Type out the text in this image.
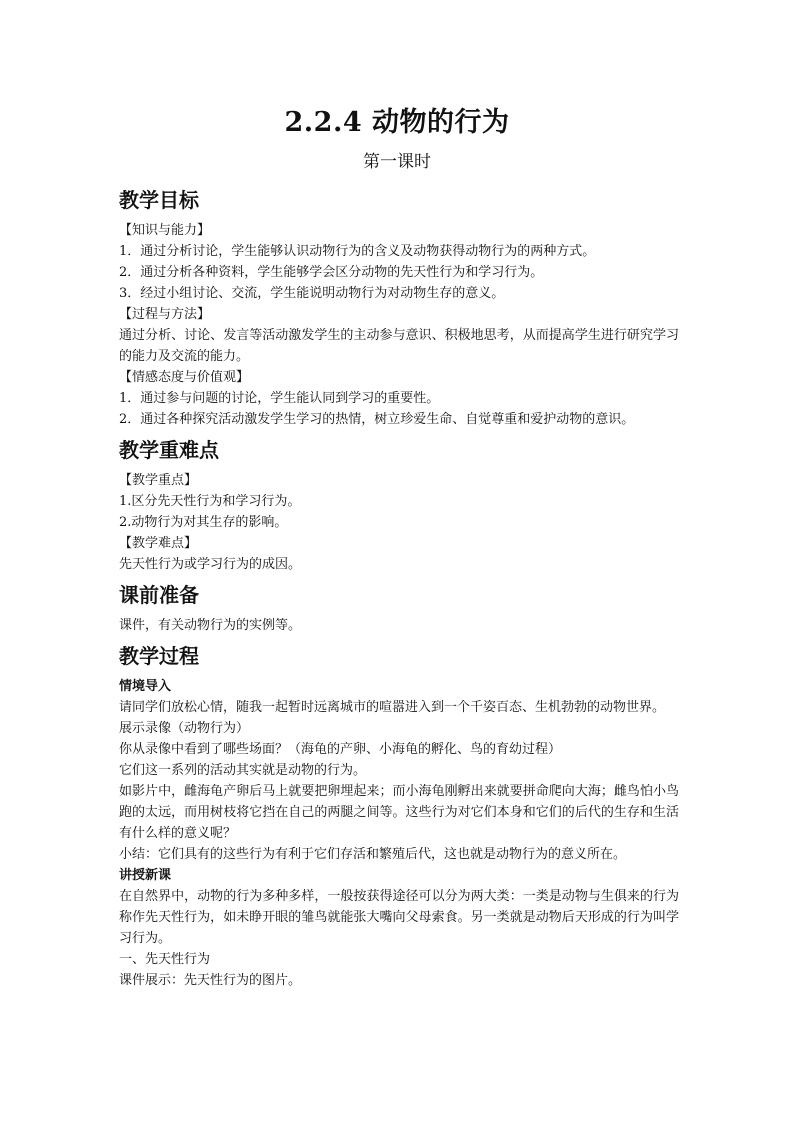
2.2.4 动物的行为

第一课时

教学目标

【知识与能力】

1．通过分析讨论，学生能够认识动物行为的含义及动物获得动物行为的两种方式。

2．通过分析各种资料，学生能够学会区分动物的先天性行为和学习行为。

3．经过小组讨论、交流，学生能说明动物行为对动物生存的意义。

【过程与方法】

通过分析、讨论、发言等活动激发学生的主动参与意识、积极地思考，从而提高学生进行研究学习的能力及交流的能力。

【情感态度与价值观】

1．通过参与问题的讨论，学生能认同到学习的重要性。

2．通过各种探究活动激发学生学习的热情，树立珍爱生命、自觉尊重和爱护动物的意识。

教学重难点

【教学重点】

1.区分先天性行为和学习行为。

2.动物行为对其生存的影响。

【教学难点】

先天性行为或学习行为的成因。

课前准备

课件，有关动物行为的实例等。

教学过程

情境导入

请同学们放松心情，随我一起暂时远离城市的喧嚣进入到一个千姿百态、生机勃勃的动物世界。

展示录像（动物行为）

你从录像中看到了哪些场面？（海龟的产卵、小海龟的孵化、鸟的育幼过程）

它们这一系列的活动其实就是动物的行为。

如影片中，雌海龟产卵后马上就要把卵埋起来；而小海龟刚孵出来就要拼命爬向大海；雌鸟怕小鸟跑的太远，而用树枝将它挡在自己的两腿之间等。这些行为对它们本身和它们的后代的生存和生活有什么样的意义呢？

小结：它们具有的这些行为有利于它们存活和繁殖后代，这也就是动物行为的意义所在。

讲授新课

在自然界中，动物的行为多种多样，一般按获得途径可以分为两大类：一类是动物与生俱来的行为称作先天性行为，如未睁开眼的雏鸟就能张大嘴向父母索食。另一类就是动物后天形成的行为叫学习行为。

一、先天性行为

课件展示：先天性行为的图片。
